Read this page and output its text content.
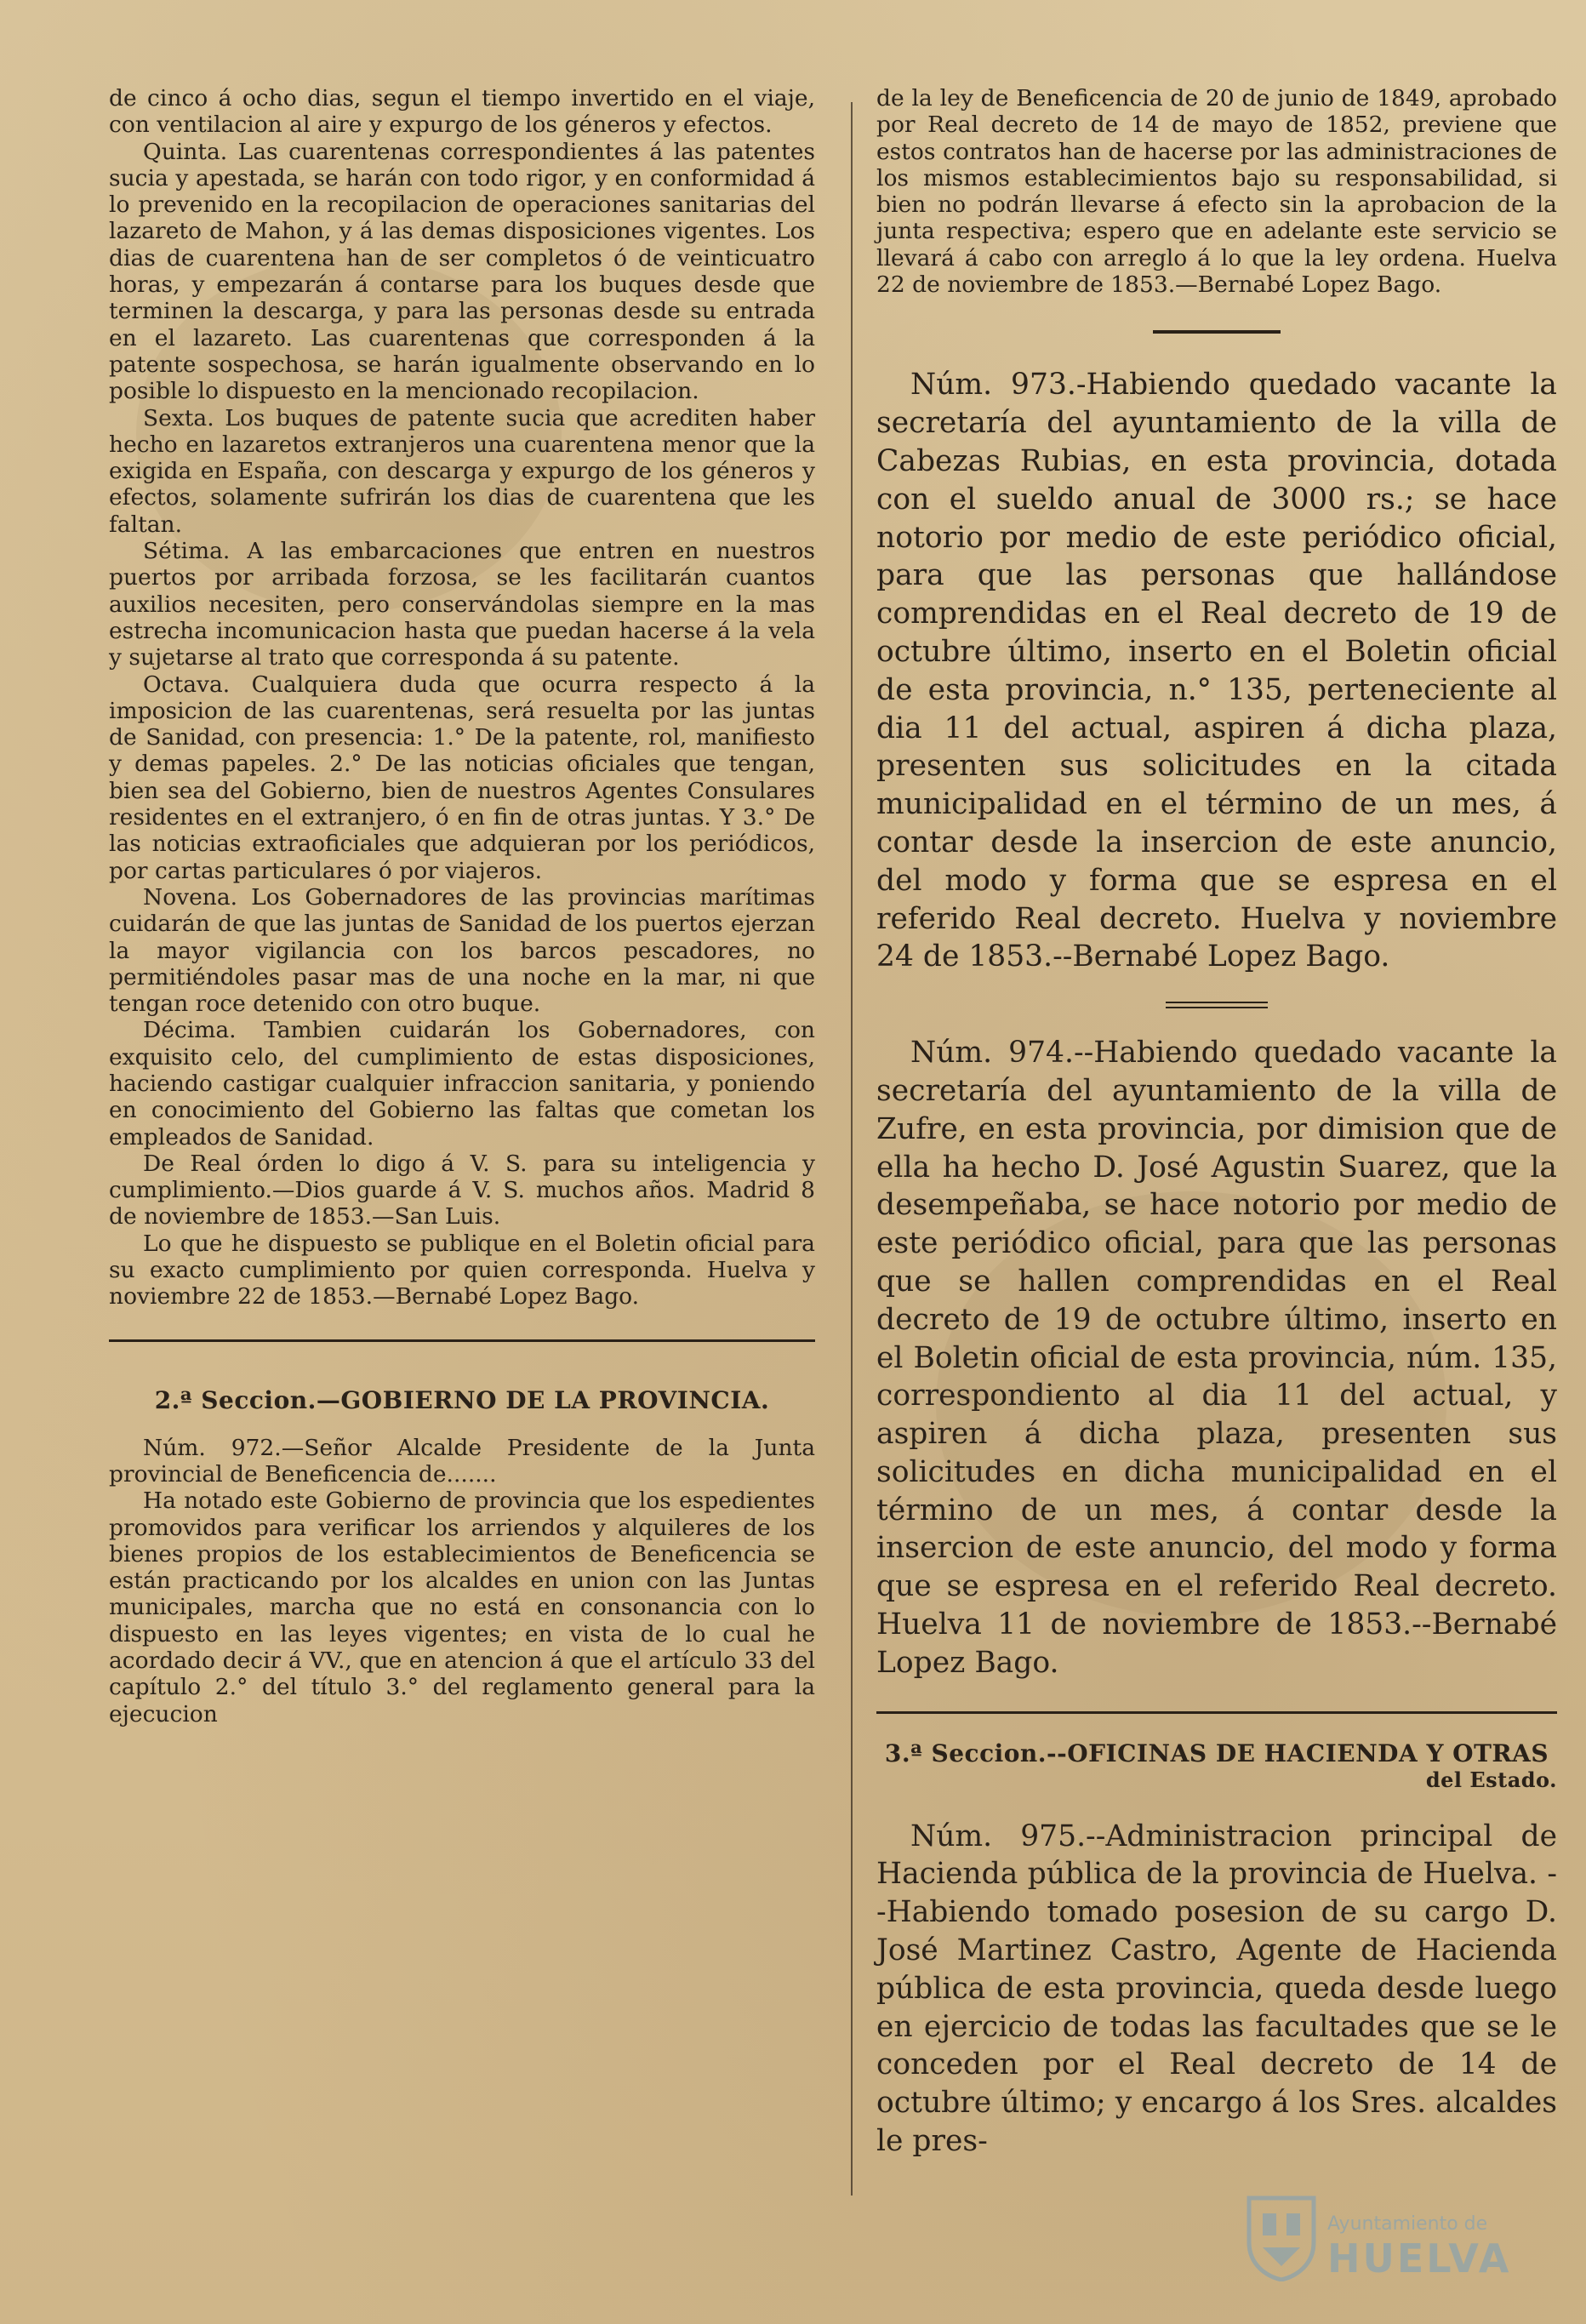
de cinco á ocho dias, segun el tiempo invertido en el viaje, con ventilacion al aire y expurgo de los géneros y efectos.

Quinta. Las cuarentenas correspondientes á las patentes sucia y apestada, se harán con todo rigor, y en conformidad á lo prevenido en la recopilacion de operaciones sanitarias del lazareto de Mahon, y á las demas disposiciones vigentes. Los dias de cuarentena han de ser completos ó de veinticuatro horas, y empezarán á contarse para los buques desde que terminen la descarga, y para las personas desde su entrada en el lazareto. Las cuarentenas que corresponden á la patente sospechosa, se harán igualmente observando en lo posible lo dispuesto en la mencionado recopilacion.

Sexta. Los buques de patente sucia que acrediten haber hecho en lazaretos extranjeros una cuarentena menor que la exigida en España, con descarga y expurgo de los géneros y efectos, solamente sufrirán los dias de cuarentena que les faltan.

Sétima. A las embarcaciones que entren en nuestros puertos por arribada forzosa, se les facilitarán cuantos auxilios necesiten, pero conservándolas siempre en la mas estrecha incomunicacion hasta que puedan hacerse á la vela y sujetarse al trato que corresponda á su patente.

Octava. Cualquiera duda que ocurra respecto á la imposicion de las cuarentenas, será resuelta por las juntas de Sanidad, con presencia: 1.° De la patente, rol, manifiesto y demas papeles. 2.° De las noticias oficiales que tengan, bien sea del Gobierno, bien de nuestros Agentes Consulares residentes en el extranjero, ó en fin de otras juntas. Y 3.° De las noticias extraoficiales que adquieran por los periódicos, por cartas particulares ó por viajeros.

Novena. Los Gobernadores de las provincias marítimas cuidarán de que las juntas de Sanidad de los puertos ejerzan la mayor vigilancia con los barcos pescadores, no permitiéndoles pasar mas de una noche en la mar, ni que tengan roce detenido con otro buque.

Décima. Tambien cuidarán los Gobernadores, con exquisito celo, del cumplimiento de estas disposiciones, haciendo castigar cualquier infraccion sanitaria, y poniendo en conocimiento del Gobierno las faltas que cometan los empleados de Sanidad.

De Real órden lo digo á V. S. para su inteligencia y cumplimiento.—Dios guarde á V. S. muchos años. Madrid 8 de noviembre de 1853.—San Luis.

Lo que he dispuesto se publique en el Boletin oficial para su exacto cumplimiento por quien corresponda. Huelva y noviembre 22 de 1853.—Bernabé Lopez Bago.

2.ª Seccion.—GOBIERNO DE LA PROVINCIA.

Núm. 972.—Señor Alcalde Presidente de la Junta provincial de Beneficencia de.......

Ha notado este Gobierno de provincia que los espedientes promovidos para verificar los arriendos y alquileres de los bienes propios de los establecimientos de Beneficencia se están practicando por los alcaldes en union con las Juntas municipales, marcha que no está en consonancia con lo dispuesto en las leyes vigentes; en vista de lo cual he acordado decir á VV., que en atencion á que el artículo 33 del capítulo 2.° del título 3.° del reglamento general para la ejecucion

de la ley de Beneficencia de 20 de junio de 1849, aprobado por Real decreto de 14 de mayo de 1852, previene que estos contratos han de hacerse por las administraciones de los mismos establecimientos bajo su responsabilidad, si bien no podrán llevarse á efecto sin la aprobacion de la junta respectiva; espero que en adelante este servicio se llevará á cabo con arreglo á lo que la ley ordena. Huelva 22 de noviembre de 1853.—Bernabé Lopez Bago.

Núm. 973.-Habiendo quedado vacante la secretaría del ayuntamiento de la villa de Cabezas Rubias, en esta provincia, dotada con el sueldo anual de 3000 rs.; se hace notorio por medio de este periódico oficial, para que las personas que hallándose comprendidas en el Real decreto de 19 de octubre último, inserto en el Boletin oficial de esta provincia, n.° 135, perteneciente al dia 11 del actual, aspiren á dicha plaza, presenten sus solicitudes en la citada municipalidad en el término de un mes, á contar desde la insercion de este anuncio, del modo y forma que se espresa en el referido Real decreto. Huelva y noviembre 24 de 1853.--Bernabé Lopez Bago.

Núm. 974.--Habiendo quedado vacante la secretaría del ayuntamiento de la villa de Zufre, en esta provincia, por dimision que de ella ha hecho D. José Agustin Suarez, que la desempeñaba, se hace notorio por medio de este periódico oficial, para que las personas que se hallen comprendidas en el Real decreto de 19 de octubre último, inserto en el Boletin oficial de esta provincia, núm. 135, correspondiento al dia 11 del actual, y aspiren á dicha plaza, presenten sus solicitudes en dicha municipalidad en el término de un mes, á contar desde la insercion de este anuncio, del modo y forma que se espresa en el referido Real decreto. Huelva 11 de noviembre de 1853.--Bernabé Lopez Bago.

3.ª Seccion.--OFICINAS DE HACIENDA Y OTRAS
del Estado.

Núm. 975.--Administracion principal de Hacienda pública de la provincia de Huelva. --Habiendo tomado posesion de su cargo D. José Martinez Castro, Agente de Hacienda pública de esta provincia, queda desde luego en ejercicio de todas las facultades que se le conceden por el Real decreto de 14 de octubre último; y encargo á los Sres. alcaldes le pres-

Ayuntamiento de
HUELVA
